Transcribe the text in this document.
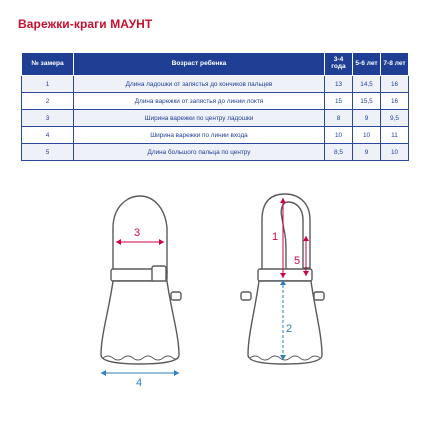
Варежки-краги МАУНТ
№ замера	Возраст ребенка	3-4 года	5-6 лет	7-8 лет
1	Длина ладошки от запястья до кончиков пальцев	13	14,5	16
2	Длина варежки от запястья до линии локтя	15	15,5	16
3	Ширина варежки по центру ладошки	8	9	9,5
4	Ширина варежки по линии входа	10	10	11
5	Длина большого пальца по центру	8,5	9	10
3
4
1
5
2
